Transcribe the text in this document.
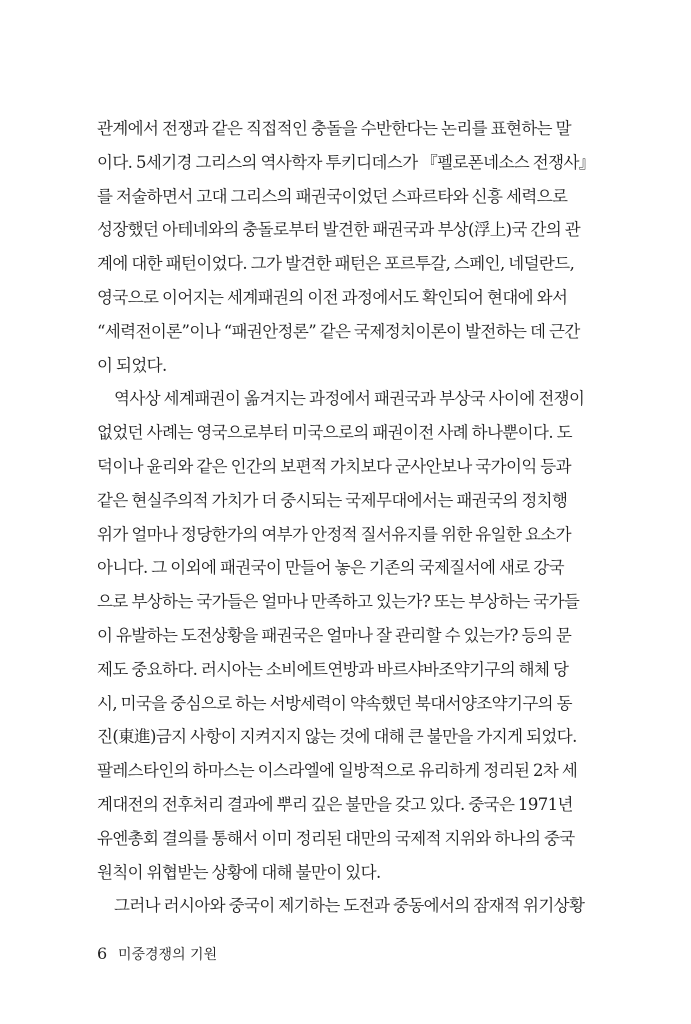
관계에서 전쟁과 같은 직접적인 충돌을 수반한다는 논리를 표현하는 말
이다. 5세기경 그리스의 역사학자 투키디데스가 『펠로폰네소스 전쟁사』
를 저술하면서 고대 그리스의 패권국이었던 스파르타와 신흥 세력으로
성장했던 아테네와의 충돌로부터 발견한 패권국과 부상(浮上)국 간의 관
계에 대한 패턴이었다. 그가 발견한 패턴은 포르투갈, 스페인, 네덜란드,
영국으로 이어지는 세계패권의 이전 과정에서도 확인되어 현대에 와서
“세력전이론”이나 “패권안정론” 같은 국제정치이론이 발전하는 데 근간
이 되었다.
역사상 세계패권이 옮겨지는 과정에서 패권국과 부상국 사이에 전쟁이
없었던 사례는 영국으로부터 미국으로의 패권이전 사례 하나뿐이다. 도
덕이나 윤리와 같은 인간의 보편적 가치보다 군사안보나 국가이익 등과
같은 현실주의적 가치가 더 중시되는 국제무대에서는 패권국의 정치행
위가 얼마나 정당한가의 여부가 안정적 질서유지를 위한 유일한 요소가
아니다. 그 이외에 패권국이 만들어 놓은 기존의 국제질서에 새로 강국
으로 부상하는 국가들은 얼마나 만족하고 있는가? 또는 부상하는 국가들
이 유발하는 도전상황을 패권국은 얼마나 잘 관리할 수 있는가? 등의 문
제도 중요하다. 러시아는 소비에트연방과 바르샤바조약기구의 해체 당
시, 미국을 중심으로 하는 서방세력이 약속했던 북대서양조약기구의 동
진(東進)금지 사항이 지켜지지 않는 것에 대해 큰 불만을 가지게 되었다.
팔레스타인의 하마스는 이스라엘에 일방적으로 유리하게 정리된 2차 세
계대전의 전후처리 결과에 뿌리 깊은 불만을 갖고 있다. 중국은 1971년
유엔총회 결의를 통해서 이미 정리된 대만의 국제적 지위와 하나의 중국
원칙이 위협받는 상황에 대해 불만이 있다.
그러나 러시아와 중국이 제기하는 도전과 중동에서의 잠재적 위기상황
6 미중경쟁의 기원
